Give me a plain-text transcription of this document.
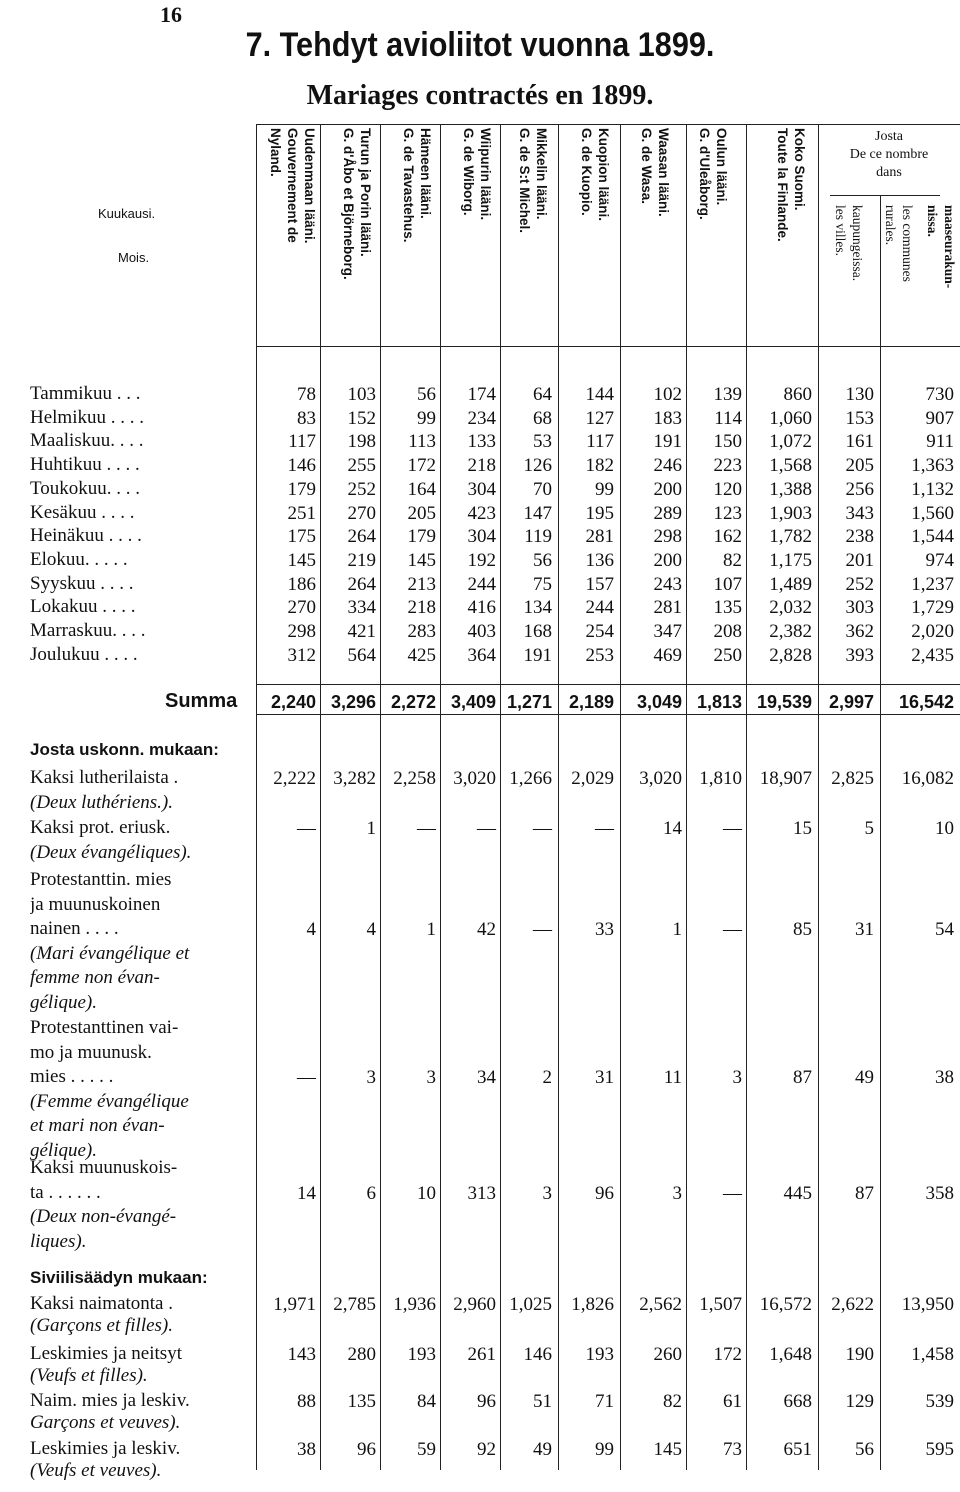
16
7. Tehdyt avioliitot vuonna 1899.
Mariages contractés en 1899.
Kuukausi.
Mois.
Uudenmaan lääni.
Gouvernement de
Nyland.	Turun ja Porin lääni.
G. d'Åbo et Björneborg.	Hämeen lääni.
G. de Tavastehus.	Wiipurin lääni.
G. de Wiborg.	Mikkelin lääni.
G. de S:t Michel.	Kuopion lääni.
G. de Kuopio.	Waasan lääni.
G. de Wasa.	Oulun lääni.
G. d'Uleåborg.	Koko Suomi.
Toute la Finlande.	Josta
De ce nombre
dans
kaupungeissa.
les villes.	les communes
rurales.	maaseurakun-
nissa.
Tammikuu . . .	78	103	56	174	64	144	102	139	860	130	730
Helmikuu . . . .	83	152	99	234	68	127	183	114	1,060	153	907
Maaliskuu. . . .	117	198	113	133	53	117	191	150	1,072	161	911
Huhtikuu . . . .	146	255	172	218	126	182	246	223	1,568	205	1,363
Toukokuu. . . .	179	252	164	304	70	99	200	120	1,388	256	1,132
Kesäkuu . . . .	251	270	205	423	147	195	289	123	1,903	343	1,560
Heinäkuu . . . .	175	264	179	304	119	281	298	162	1,782	238	1,544
Elokuu. . . . .	145	219	145	192	56	136	200	82	1,175	201	974
Syyskuu . . . .	186	264	213	244	75	157	243	107	1,489	252	1,237
Lokakuu . . . .	270	334	218	416	134	244	281	135	2,032	303	1,729
Marraskuu. . . .	298	421	283	403	168	254	347	208	2,382	362	2,020
Joulukuu . . . .	312	564	425	364	191	253	469	250	2,828	393	2,435
Summa	2,240 3,296 2,272 3,409 1,271 2,189	3,049 1,813 19,539 2,997	16,542
Josta uskonn. mukaan:
Kaksi lutherilaista .
(Deux luthériens.).
2,222 3,282 2,258 3,020 1,266	2,029	3,020 1,810 18,907	2,825	16,082
Kaksi prot. eriusk.
(Deux évangéliques).
—	1	—	—	—	—	14	—	15	5	10
Protestanttin. mies
ja muunuskoinen
nainen . . . .
(Mari évangélique et
femme non évan-
gélique).
4	4	1	42	—	33	1	—	85	31	54
Protestanttinen vai-
mo ja muunusk.
mies . . . . .
(Femme évangélique
et mari non évan-
gélique).
—	3	3	34	2	31	11	3	87	49	38
Kaksi muunuskois-
ta . . . . . .
(Deux non-évangé-
liques).
14	6	10	313	3	96	3	—	445	87	358
Siviilisäädyn mukaan:
Kaksi naimatonta .
(Garçons et filles).
1,971 2,785 1,936 2,960 1,025	1,826	2,562 1,507 16,572	2,622	13,950
Leskimies ja neitsyt
(Veufs et filles).
143	280	193	261	146	193	260	172	1,648	190	1,458
Naim. mies ja leskiv.
Garçons et veuves).
88	135	84	96	51	71	82	61	668	129	539
Leskimies ja leskiv.
(Veufs et veuves).
38	96	59	92	49	99	145	73	651	56	595
